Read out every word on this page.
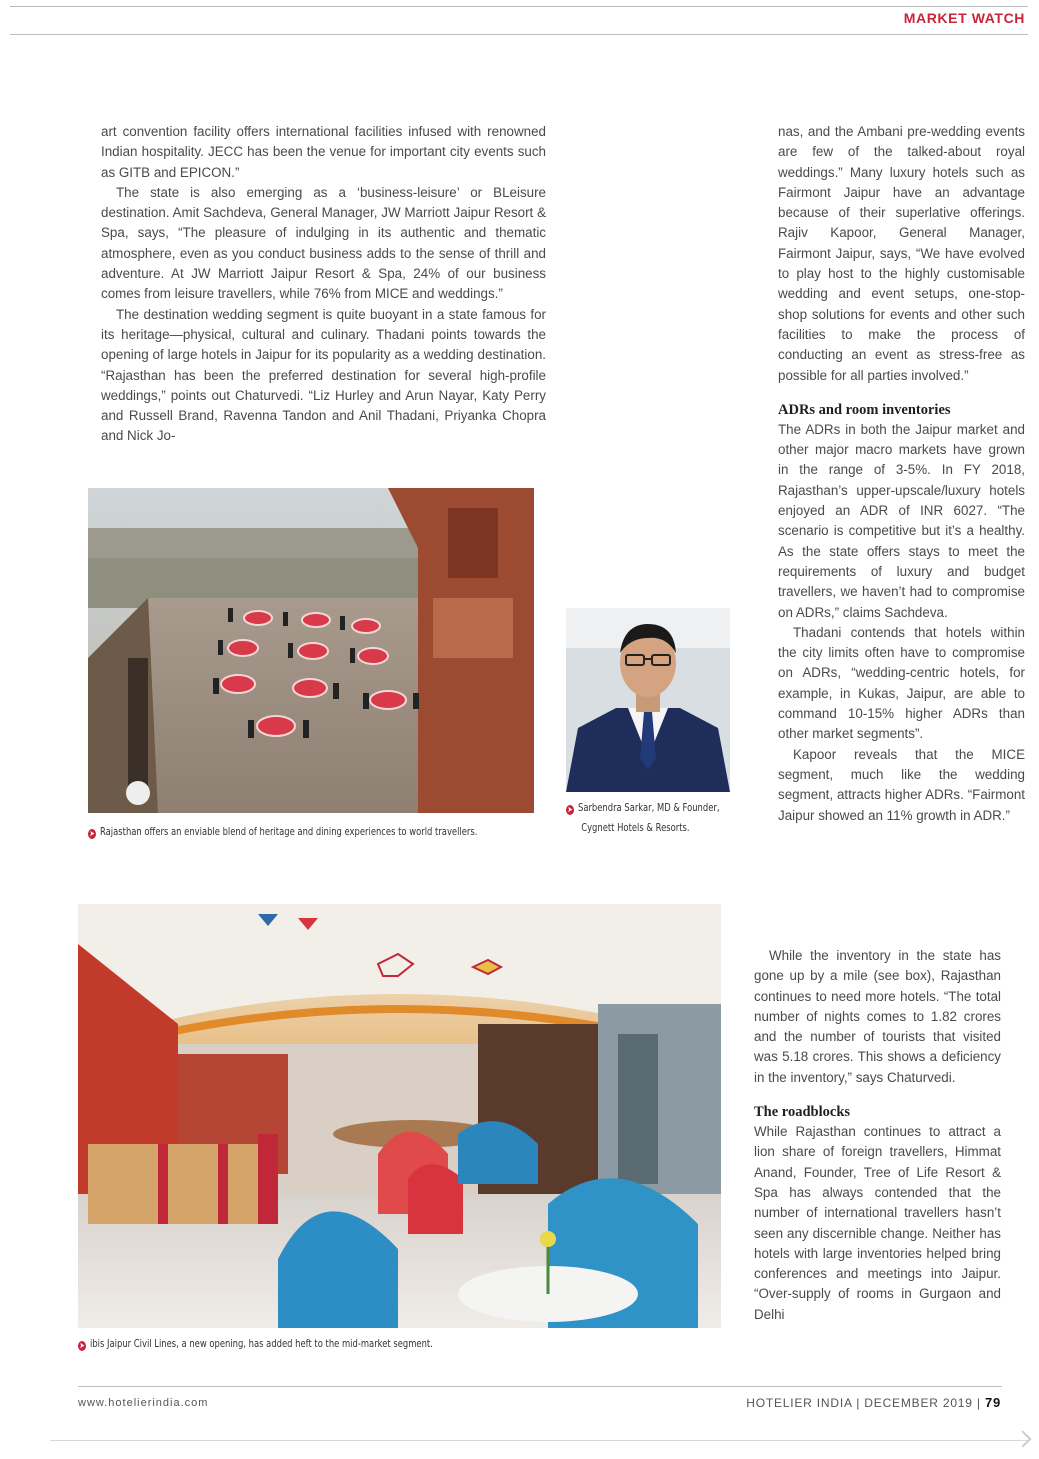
MARKET WATCH

art convention facility offers international facilities infused with renowned Indian hospitality. JECC has been the venue for important city events such as GITB and EPICON.”

The state is also emerging as a ‘business-leisure’ or BLeisure destination. Amit Sachdeva, General Manager, JW Marriott Jaipur Resort & Spa, says, “The pleasure of indulging in its authentic and thematic atmosphere, even as you conduct business adds to the sense of thrill and adventure. At JW Marriott Jaipur Resort & Spa, 24% of our business comes from leisure travellers, while 76% from MICE and weddings.”

The destination wedding segment is quite buoyant in a state famous for its heritage—physical, cultural and culinary. Thadani points towards the opening of large hotels in Jaipur for its popularity as a wedding destination. “Rajasthan has been the preferred destination for several high-profile weddings,” points out Chaturvedi. “Liz Hurley and Arun Nayar, Katy Perry and Russell Brand, Ravenna Tandon and Anil Thadani, Priyanka Chopra and Nick Jo-

nas, and the Ambani pre-wedding events are few of the talked-about royal weddings.” Many luxury hotels such as Fairmont Jaipur have an advantage because of their superlative offerings. Rajiv Kapoor, General Manager, Fairmont Jaipur, says, “We have evolved to play host to the highly customisable wedding and event setups, one-stop-shop solutions for events and other such facilities to make the process of conducting an event as stress-free as possible for all parties involved.”

ADRs and room inventories

The ADRs in both the Jaipur market and other major macro markets have grown in the range of 3-5%. In FY 2018, Rajasthan’s upper-upscale/luxury hotels enjoyed an ADR of INR 6027. “The scenario is competitive but it’s a healthy. As the state offers stays to meet the requirements of luxury and budget travellers, we haven’t had to compromise on ADRs,” claims Sachdeva.

Thadani contends that hotels within the city limits often have to compromise on ADRs, “wedding-centric hotels, for example, in Kukas, Jaipur, are able to command 10-15% higher ADRs than other market segments”.

Kapoor reveals that the MICE segment, much like the wedding segment, attracts higher ADRs. “Fairmont Jaipur showed an 11% growth in ADR.”

➤ Rajasthan offers an enviable blend of heritage and dining experiences to world travellers.
➤ Sarbendra Sarkar, MD & Founder,
Cygnett Hotels & Resorts.
➤ ibis Jaipur Civil Lines, a new opening, has added heft to the mid-market segment.

While the inventory in the state has gone up by a mile (see box), Rajasthan continues to need more hotels. “The total number of nights comes to 1.82 crores and the number of tourists that visited was 5.18 crores. This shows a deficiency in the inventory,” says Chaturvedi.

The roadblocks

While Rajasthan continues to attract a lion share of foreign travellers, Himmat Anand, Founder, Tree of Life Resort & Spa has always contended that the number of international travellers hasn’t seen any discernible change. Neither has hotels with large inventories helped bring conferences and meetings into Jaipur. “Over-supply of rooms in Gurgaon and Delhi

www.hotelierindia.com	HOTELIER INDIA | DECEMBER 2019 | 79
